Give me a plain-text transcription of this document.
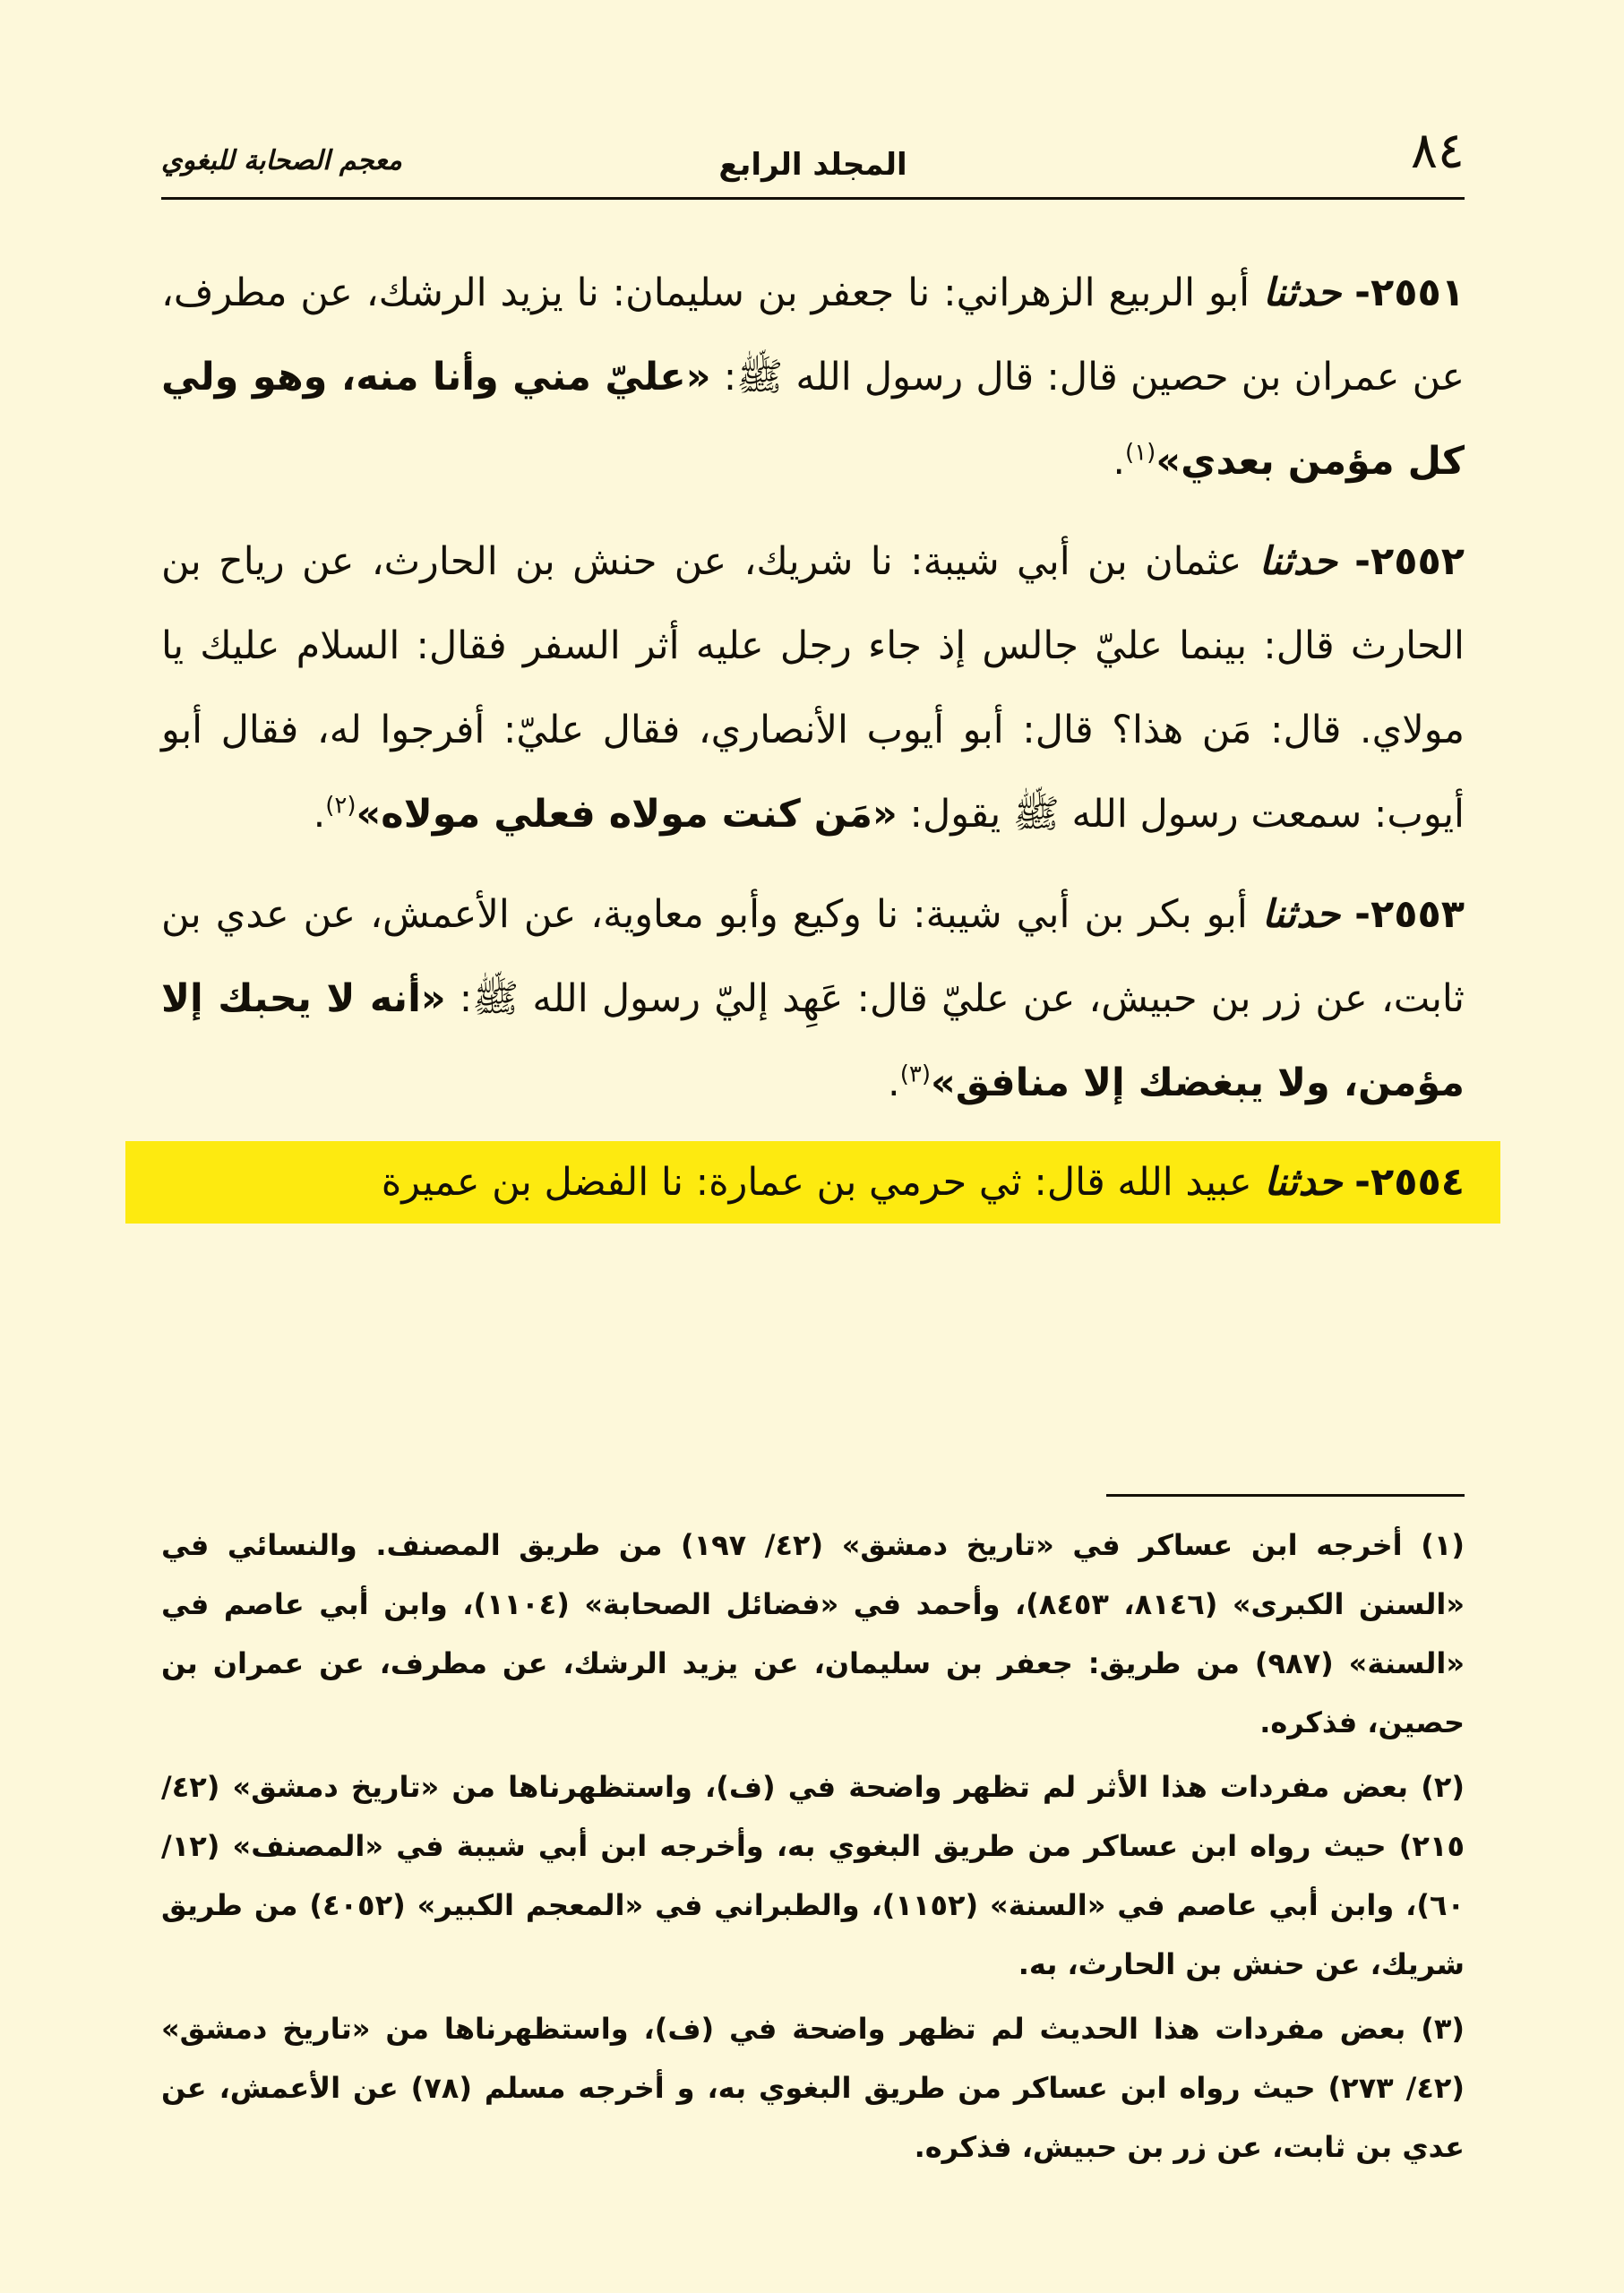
٨٤
المجلد الرابع
معجم الصحابة للبغوي
٢٥٥١- حدثنا أبو الربيع الزهراني: نا جعفر بن سليمان: نا يزيد الرشك، عن مطرف، عن عمران بن حصين قال: قال رسول الله ﷺ: «عليّ مني وأنا منه، وهو ولي كل مؤمن بعدي»$^{(١)}$.
٢٥٥٢- حدثنا عثمان بن أبي شيبة: نا شريك، عن حنش بن الحارث، عن رياح بن الحارث قال: بينما عليّ جالس إذ جاء رجل عليه أثر السفر فقال: السلام عليك يا مولاي. قال: مَن هذا؟ قال: أبو أيوب الأنصاري، فقال عليّ: أفرجوا له، فقال أبو أيوب: سمعت رسول الله ﷺ يقول: «مَن كنت مولاه فعلي مولاه»$^{(٢)}$.
٢٥٥٣- حدثنا أبو بكر بن أبي شيبة: نا وكيع وأبو معاوية، عن الأعمش، عن عدي بن ثابت، عن زر بن حبيش، عن عليّ قال: عَهِد إليّ رسول الله ﷺ: «أنه لا يحبك إلا مؤمن، ولا يبغضك إلا منافق»$^{(٣)}$.
٢٥٥٤- حدثنا عبيد الله قال: ثي حرمي بن عمارة: نا الفضل بن عميرة
(١) أخرجه ابن عساكر في «تاريخ دمشق» (٤٢/ ١٩٧) من طريق المصنف. والنسائي في «السنن الكبرى» (٨١٤٦، ٨٤٥٣)، وأحمد في «فضائل الصحابة» (١١٠٤)، وابن أبي عاصم في «السنة» (٩٨٧) من طريق: جعفر بن سليمان، عن يزيد الرشك، عن مطرف، عن عمران بن حصين، فذكره.
(٢) بعض مفردات هذا الأثر لم تظهر واضحة في (ف)، واستظهرناها من «تاريخ دمشق» (٤٢/ ٢١٥) حيث رواه ابن عساكر من طريق البغوي به، وأخرجه ابن أبي شيبة في «المصنف» (١٢/ ٦٠)، وابن أبي عاصم في «السنة» (١١٥٢)، والطبراني في «المعجم الكبير» (٤٠٥٢) من طريق شريك، عن حنش بن الحارث، به.
(٣) بعض مفردات هذا الحديث لم تظهر واضحة في (ف)، واستظهرناها من «تاريخ دمشق» (٤٢/ ٢٧٣) حيث رواه ابن عساكر من طريق البغوي به، و أخرجه مسلم (٧٨) عن الأعمش، عن عدي بن ثابت، عن زر بن حبيش، فذكره.
